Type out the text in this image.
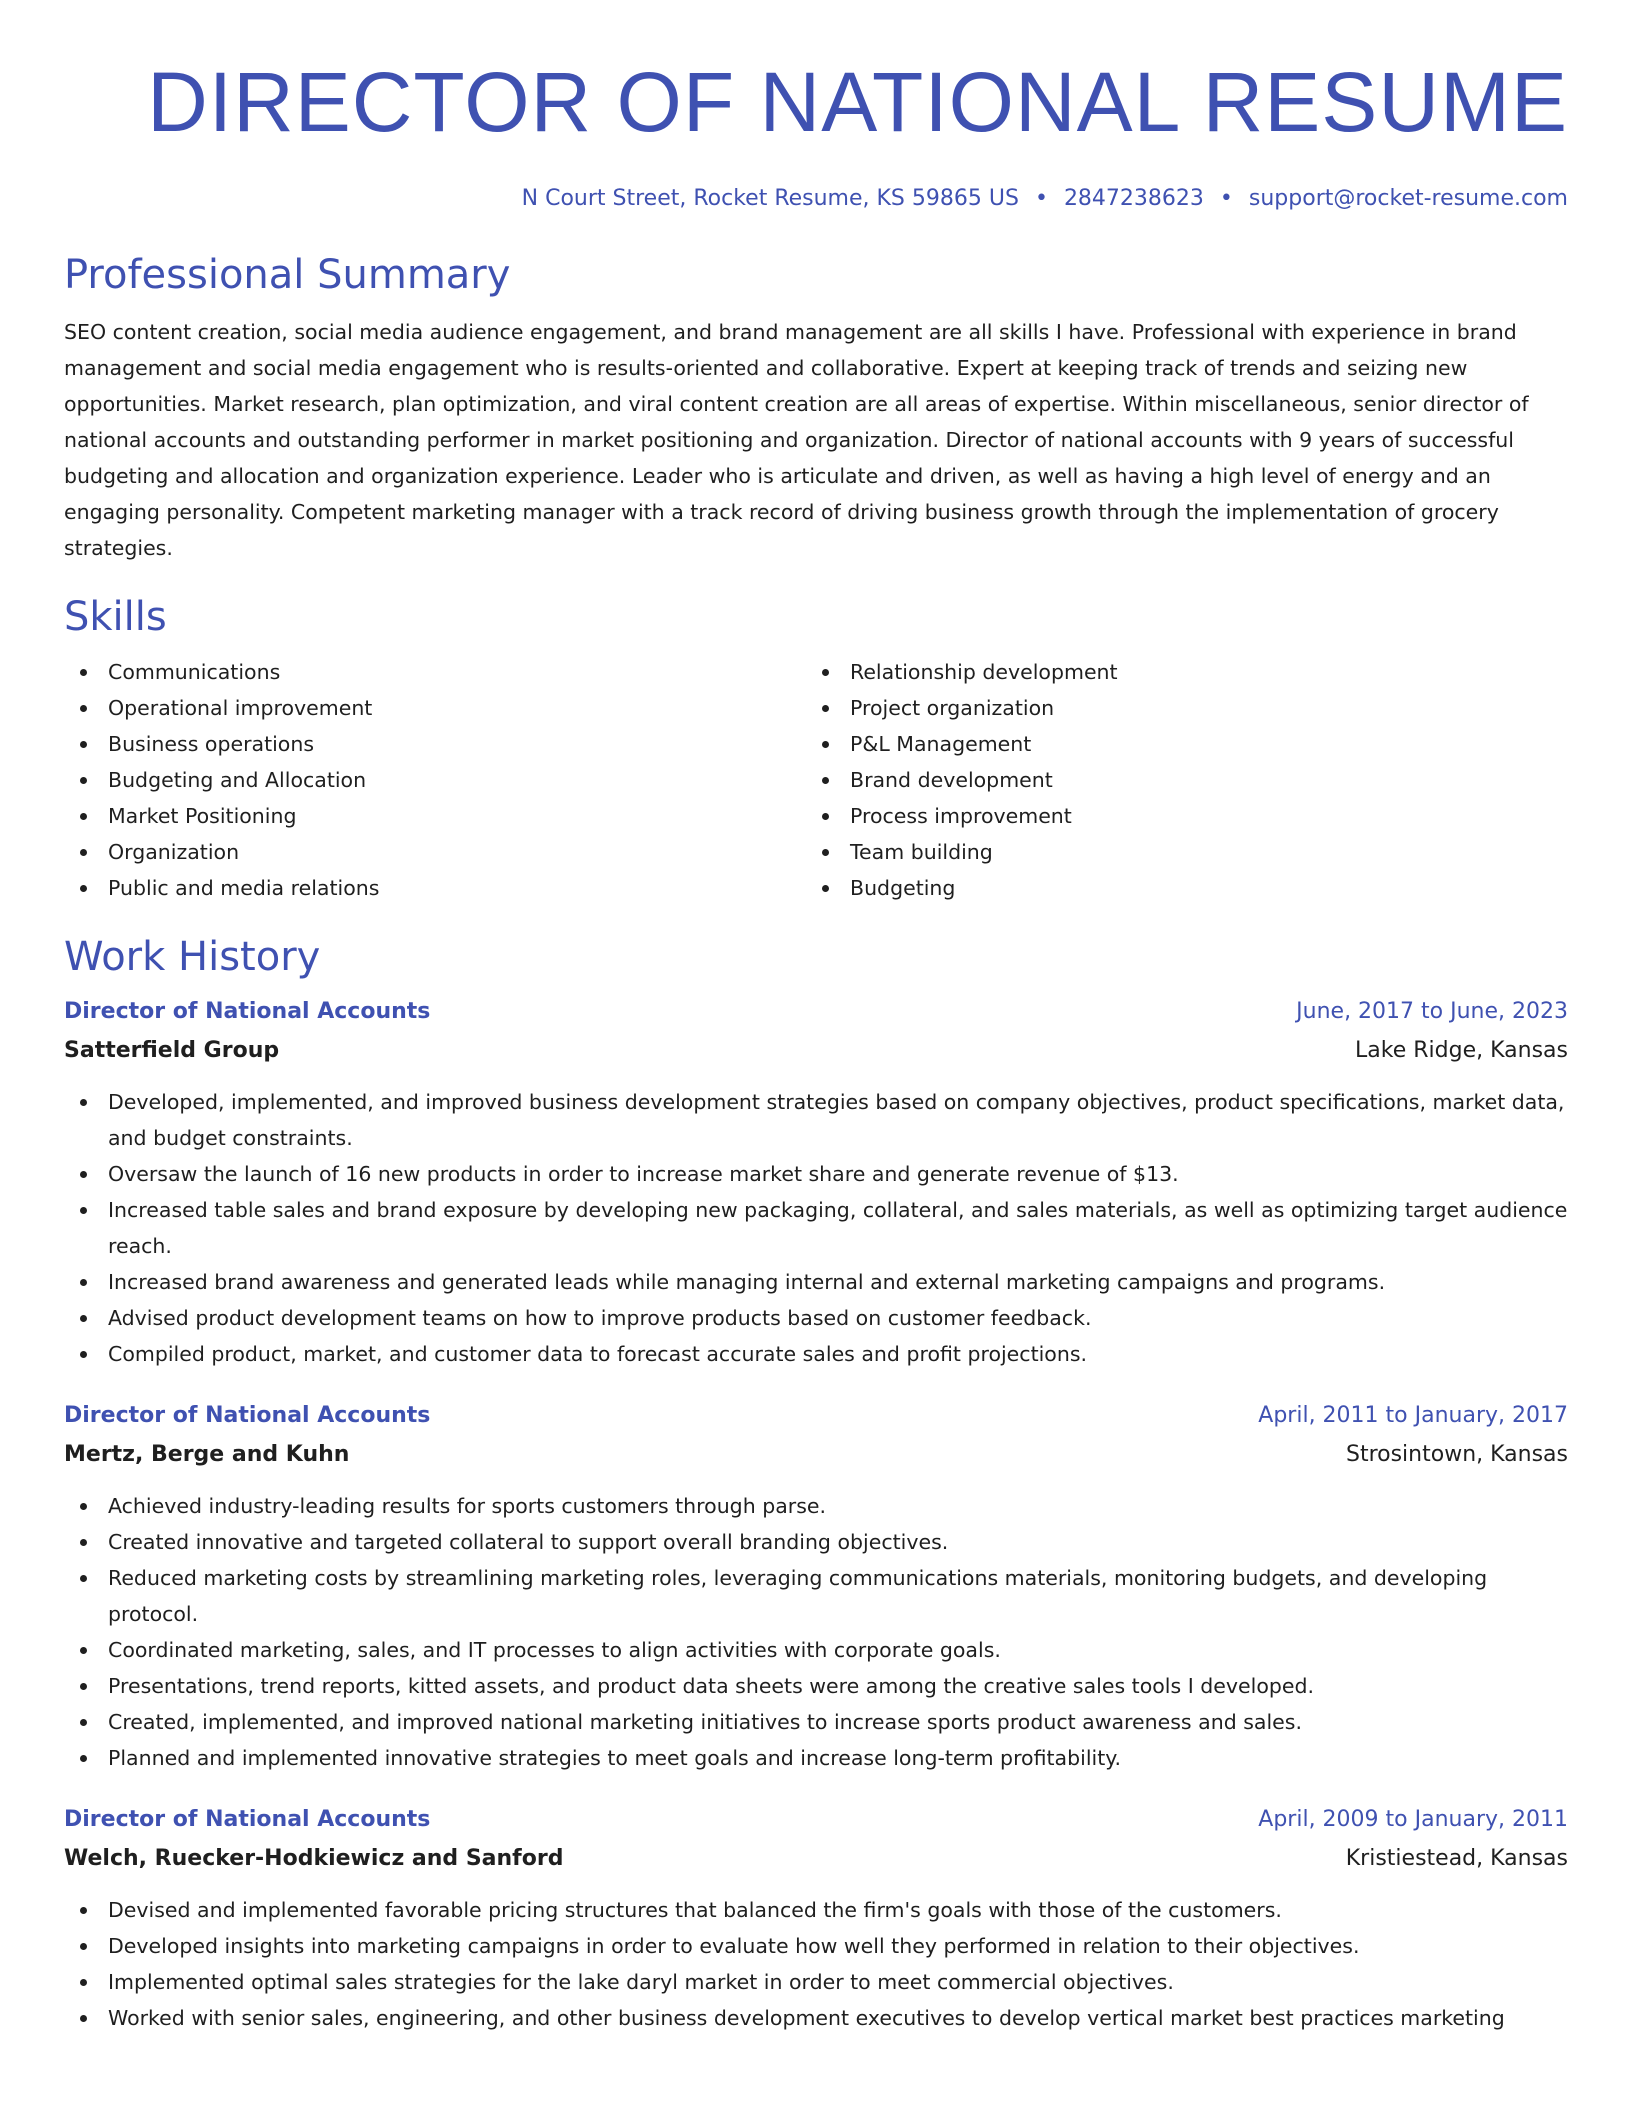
DIRECTOR OF NATIONAL RESUME
N Court Street, Rocket Resume, KS 59865 US • 2847238623 • support@rocket-resume.com
Professional Summary

SEO content creation, social media audience engagement, and brand management are all skills I have. Professional with experience in brand management and social media engagement who is results-oriented and collaborative. Expert at keeping track of trends and seizing new opportunities. Market research, plan optimization, and viral content creation are all areas of expertise. Within miscellaneous, senior director of national accounts and outstanding performer in market positioning and organization. Director of national accounts with 9 years of successful budgeting and allocation and organization experience. Leader who is articulate and driven, as well as having a high level of energy and an engaging personality. Competent marketing manager with a track record of driving business growth through the implementation of grocery strategies.

Skills
Communications
Operational improvement
Business operations
Budgeting and Allocation
Market Positioning
Organization
Public and media relations
Relationship development
Project organization
P&L Management
Brand development
Process improvement
Team building
Budgeting
Work History
Director of National Accounts	June, 2017 to June, 2023
Satterfield Group	Lake Ridge, Kansas
Developed, implemented, and improved business development strategies based on company objectives, product specifications, market data, and budget constraints.
Oversaw the launch of 16 new products in order to increase market share and generate revenue of $13.
Increased table sales and brand exposure by developing new packaging, collateral, and sales materials, as well as optimizing target audience reach.
Increased brand awareness and generated leads while managing internal and external marketing campaigns and programs.
Advised product development teams on how to improve products based on customer feedback.
Compiled product, market, and customer data to forecast accurate sales and profit projections.
Director of National Accounts	April, 2011 to January, 2017
Mertz, Berge and Kuhn	Strosintown, Kansas
Achieved industry-leading results for sports customers through parse.
Created innovative and targeted collateral to support overall branding objectives.
Reduced marketing costs by streamlining marketing roles, leveraging communications materials, monitoring budgets, and developing protocol.
Coordinated marketing, sales, and IT processes to align activities with corporate goals.
Presentations, trend reports, kitted assets, and product data sheets were among the creative sales tools I developed.
Created, implemented, and improved national marketing initiatives to increase sports product awareness and sales.
Planned and implemented innovative strategies to meet goals and increase long-term profitability.
Director of National Accounts	April, 2009 to January, 2011
Welch, Ruecker-Hodkiewicz and Sanford	Kristiestead, Kansas
Devised and implemented favorable pricing structures that balanced the firm's goals with those of the customers.
Developed insights into marketing campaigns in order to evaluate how well they performed in relation to their objectives.
Implemented optimal sales strategies for the lake daryl market in order to meet commercial objectives.
Worked with senior sales, engineering, and other business development executives to develop vertical market best practices marketing
